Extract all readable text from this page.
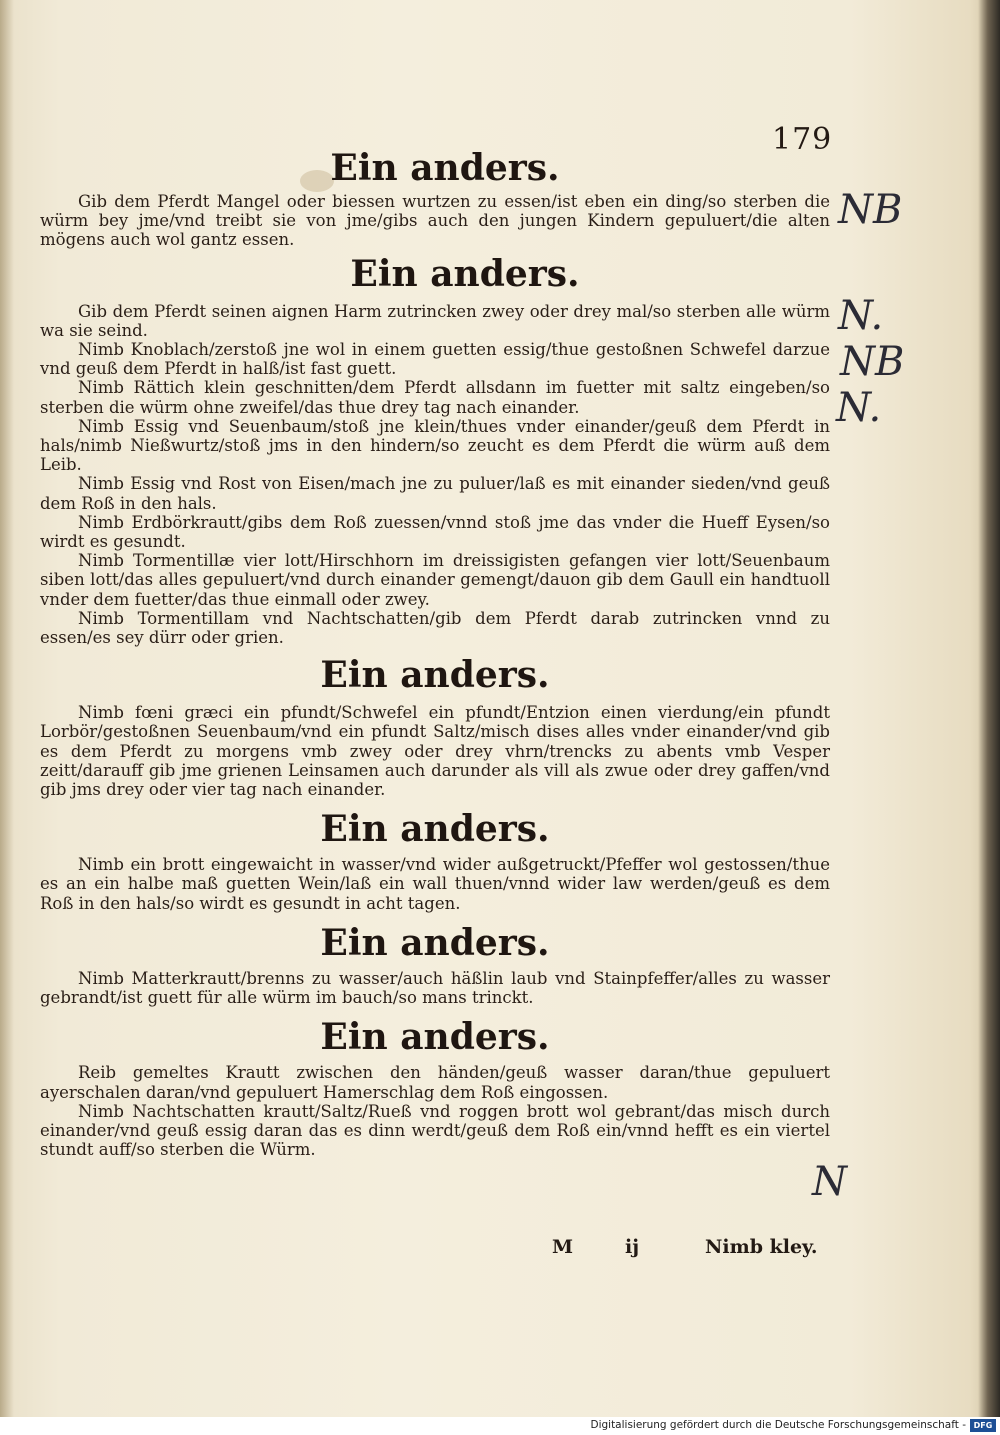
179
Ein anders.

Gib dem Pferdt Mangel oder biessen wurtzen zu essen/ist eben ein ding/so sterben die würm bey jme/vnd treibt sie von jme/gibs auch den jungen Kindern gepuluert/die alten mögens auch wol gantz essen.

Ein anders.

Gib dem Pferdt seinen aignen Harm zutrincken zwey oder drey mal/so sterben alle würm wa sie seind.

Nimb Knoblach/zerstoß jne wol in einem guetten essig/thue gestoßnen Schwefel darzue vnd geuß dem Pferdt in halß/ist fast guett.

Nimb Rättich klein geschnitten/dem Pferdt allsdann im fuetter mit saltz eingeben/so sterben die würm ohne zweifel/das thue drey tag nach einander.

Nimb Essig vnd Seuenbaum/stoß jne klein/thues vnder einander/geuß dem Pferdt in hals/nimb Nießwurtz/stoß jms in den hindern/so zeucht es dem Pferdt die würm auß dem Leib.

Nimb Essig vnd Rost von Eisen/mach jne zu puluer/laß es mit einander sieden/vnd geuß dem Roß in den hals.

Nimb Erdbörkrautt/gibs dem Roß zuessen/vnnd stoß jme das vnder die Hueff Eysen/so wirdt es gesundt.

Nimb Tormentillæ vier lott/Hirschhorn im dreissigisten gefangen vier lott/Seuenbaum siben lott/das alles gepuluert/vnd durch einander gemengt/dauon gib dem Gaull ein handtuoll vnder dem fuetter/das thue einmall oder zwey.

Nimb Tormentillam vnd Nachtschatten/gib dem Pferdt darab zutrincken vnnd zu essen/es sey dürr oder grien.

Ein anders.

Nimb fœni græci ein pfundt/Schwefel ein pfundt/Entzion einen vierdung/ein pfundt Lorbör/gestoßnen Seuenbaum/vnd ein pfundt Saltz/misch dises alles vnder einander/vnd gib es dem Pferdt zu morgens vmb zwey oder drey vhrn/trencks zu abents vmb Vesper zeitt/darauff gib jme grienen Leinsamen auch darunder als vill als zwue oder drey gaffen/vnd gib jms drey oder vier tag nach einander.

Ein anders.

Nimb ein brott eingewaicht in wasser/vnd wider außgetruckt/Pfeffer wol gestossen/thue es an ein halbe maß guetten Wein/laß ein wall thuen/vnnd wider law werden/geuß es dem Roß in den hals/so wirdt es gesundt in acht tagen.

Ein anders.

Nimb Matterkrautt/brenns zu wasser/auch häßlin laub vnd Stainpfeffer/alles zu wasser gebrandt/ist guett für alle würm im bauch/so mans trinckt.

Ein anders.

Reib gemeltes Krautt zwischen den händen/geuß wasser daran/thue gepuluert ayerschalen daran/vnd gepuluert Hamerschlag dem Roß eingossen.

Nimb Nachtschatten krautt/Saltz/Rueß vnd roggen brott wol gebrant/das misch durch einander/vnd geuß essig daran das es dinn werdt/geuß dem Roß ein/vnnd hefft es ein viertel stundt auff/so sterben die Würm.

M	ij	Nimb kley.
NB
N.
NB
N.
N
Digitalisierung gefördert durch die Deutsche Forschungsgemeinschaft - DFG
